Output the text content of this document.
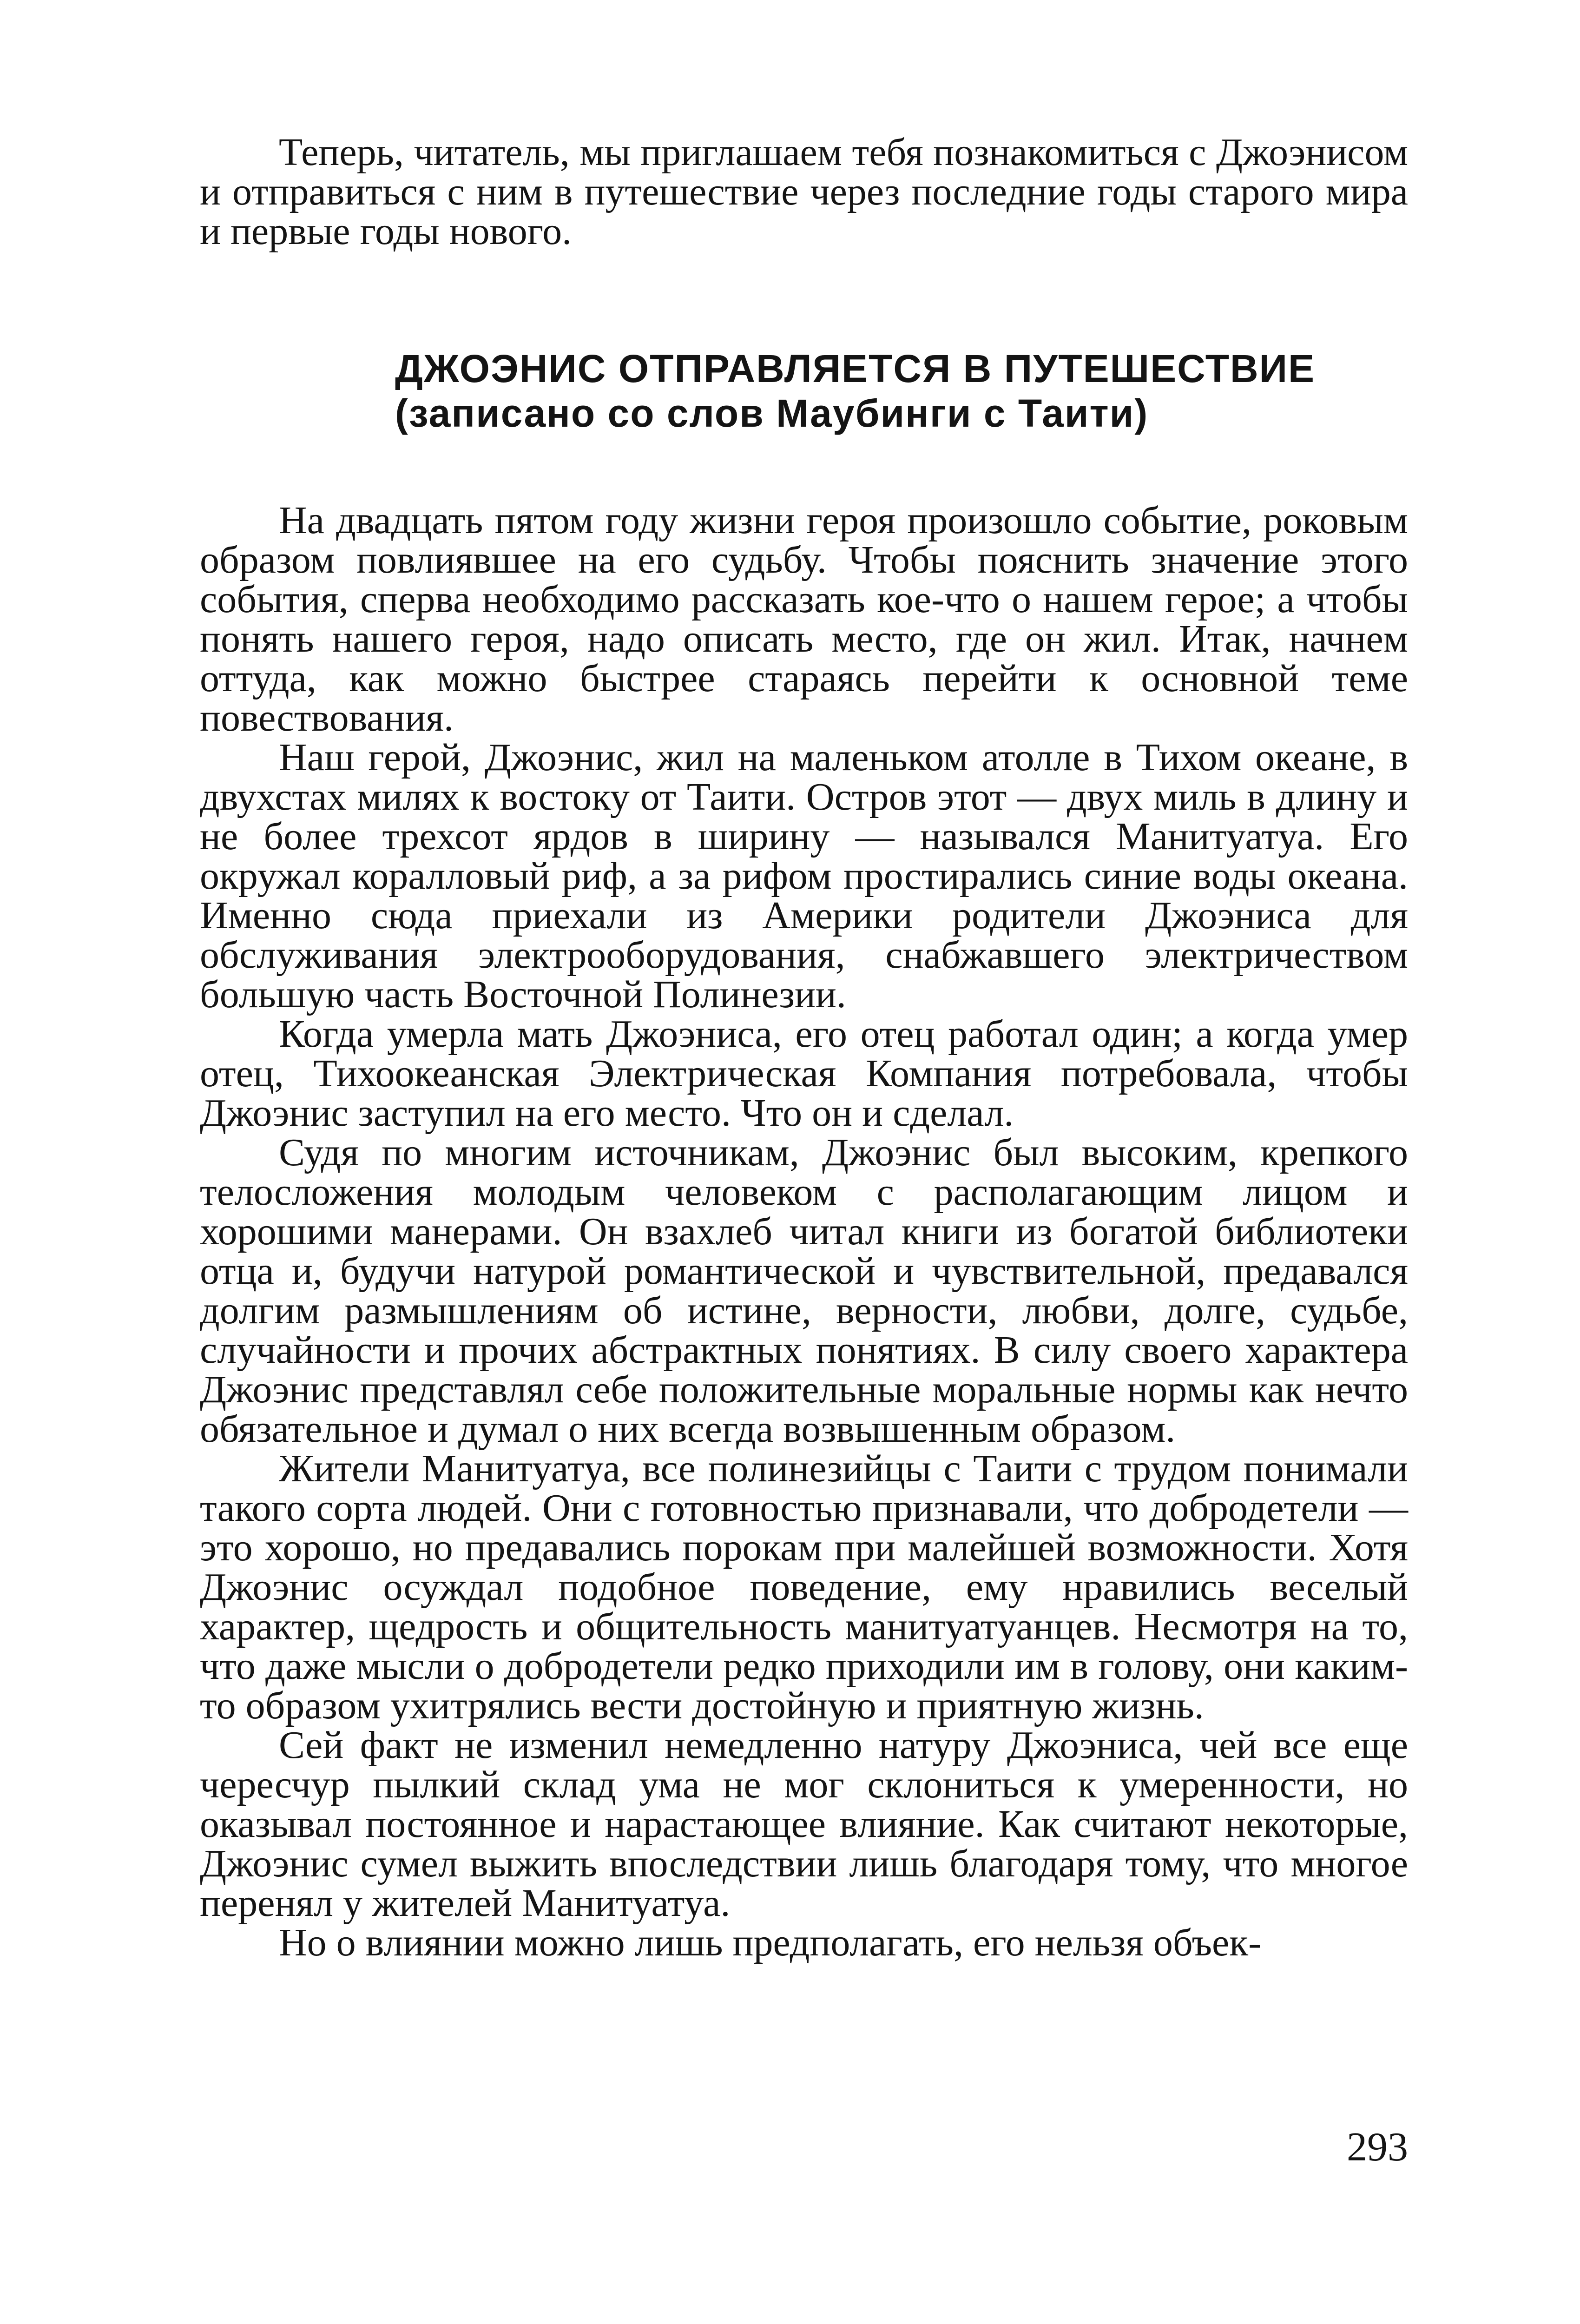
Теперь, читатель, мы приглашаем тебя познакомиться с Джоэнисом и отправиться с ним в путешествие через последние годы старого мира и первые годы нового.

ДЖОЭНИС ОТПРАВЛЯЕТСЯ В ПУТЕШЕСТВИЕ
(записано со слов Маубинги с Таити)

На двадцать пятом году жизни героя произошло событие, роковым образом повлиявшее на его судьбу. Чтобы пояснить значение этого события, сперва необходимо рассказать кое-что о нашем герое; а чтобы понять нашего героя, надо описать место, где он жил. Итак, начнем оттуда, как можно быстрее стараясь перейти к основной теме повествования.

Наш герой, Джоэнис, жил на маленьком атолле в Тихом океане, в двухстах милях к востоку от Таити. Остров этот — двух миль в длину и не более трехсот ярдов в ширину — назывался Манитуатуа. Его окружал коралловый риф, а за рифом простирались синие воды океана. Именно сюда приехали из Америки родители Джоэниса для обслуживания электрооборудования, снабжавшего электричеством большую часть Восточной Полинезии.

Когда умерла мать Джоэниса, его отец работал один; а когда умер отец, Тихоокеанская Электрическая Компания потребовала, чтобы Джоэнис заступил на его место. Что он и сделал.

Судя по многим источникам, Джоэнис был высоким, крепкого телосложения молодым человеком с располагающим лицом и хорошими манерами. Он взахлеб читал книги из богатой библиотеки отца и, будучи натурой романтической и чувствительной, предавался долгим размышлениям об истине, верности, любви, долге, судьбе, случайности и прочих абстрактных понятиях. В силу своего характера Джоэнис представлял себе положительные моральные нормы как нечто обязательное и думал о них всегда возвышенным образом.

Жители Манитуатуа, все полинезийцы с Таити с трудом понимали такого сорта людей. Они с готовностью признавали, что добродетели — это хорошо, но предавались порокам при малейшей возможности. Хотя Джоэнис осуждал подобное поведение, ему нравились веселый характер, щедрость и общительность манитуатуанцев. Несмотря на то, что даже мысли о добродетели редко приходили им в голову, они каким-то образом ухитрялись вести достойную и приятную жизнь.

Сей факт не изменил немедленно натуру Джоэниса, чей все еще чересчур пылкий склад ума не мог склониться к умеренности, но оказывал постоянное и нарастающее влияние. Как считают некоторые, Джоэнис сумел выжить впоследствии лишь благодаря тому, что многое перенял у жителей Манитуатуа.

Но о влиянии можно лишь предполагать, его нельзя объек-

293
